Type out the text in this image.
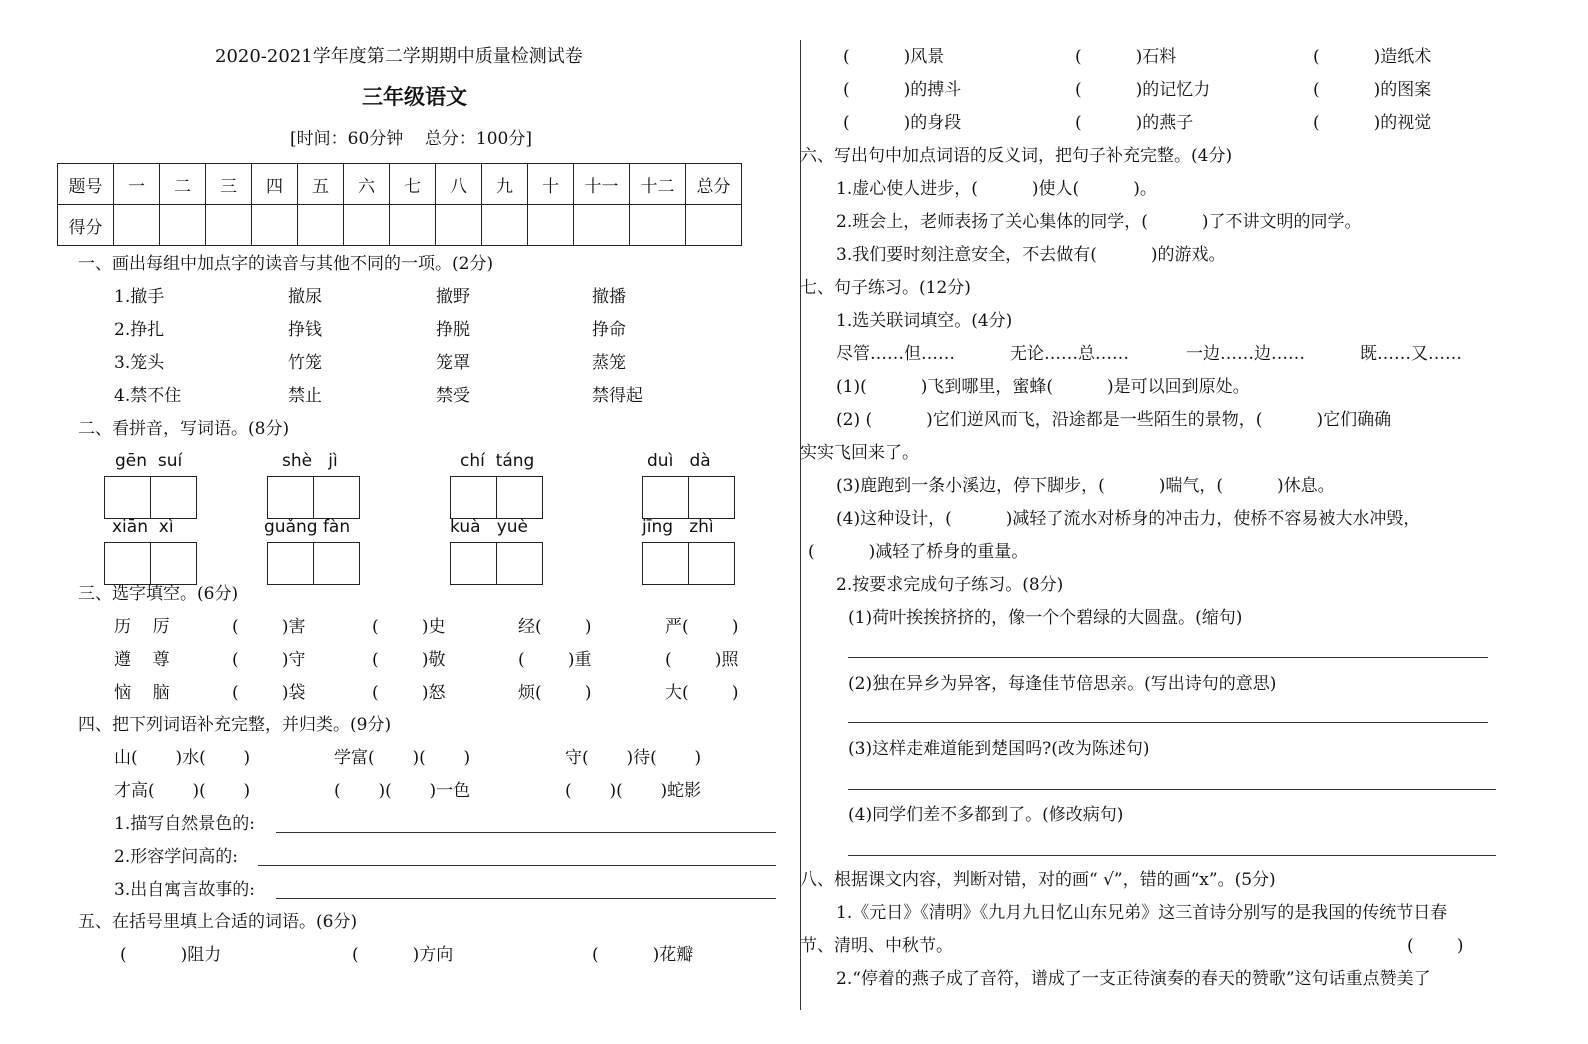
2020-2021学年度第二学期期中质量检测试卷
三年级语文
[时间：60分钟    总分：100分]
题号	一	二	三	四	五	六	七	八	九	十	十一	十二	总分
得分													
一、画出每组中加点字的读音与其他不同的一项。(2分)
1.撤手	撤尿	撤野	撤播
2.挣扎	挣钱	挣脱	挣命
3.笼头	竹笼	笼罩	蒸笼
4.禁不住	禁止	禁受	禁得起
二、看拼音，写词语。(8分)
gēn  suí	shè   jì	chí  táng	duì   dà
xiān  xì	guǎng fàn	kuà   yuè	jīng   zhì
三、选字填空。(6分)
历    厉	(        )害	(        )史	经(        )	严(        )
遵    尊	(        )守	(        )敬	(        )重	(        )照
恼    脑	(        )袋	(        )怒	烦(        )	大(        )
四、把下列词语补充完整，并归类。(9分)
山(       )水(       )	学富(       )(       )	守(       )待(       )
才高(       )(       )	(       )(       )一色	(       )(       )蛇影
1.描写自然景色的:
2.形容学问高的:
3.出自寓言故事的:
五、在括号里填上合适的词语。(6分)
(          )阻力	(          )方向	(          )花瓣
(          )风景	(          )石料	(          )造纸术
(          )的搏斗	(          )的记忆力	(          )的图案
(          )的身段	(          )的燕子	(          )的视觉
六、写出句中加点词语的反义词，把句子补充完整。(4分)
1.虚心使人进步，(          )使人(          )。
2.班会上，老师表扬了关心集体的同学，(          )了不讲文明的同学。
3.我们要时刻注意安全，不去做有(          )的游戏。
七、句子练习。(12分)
1.选关联词填空。(4分)
尽管……但……	无论……总……	一边……边……	既……又……
(1)(          )飞到哪里，蜜蜂(          )是可以回到原处。
(2) (          )它们逆风而飞，沿途都是一些陌生的景物，(          )它们确确
实实飞回来了。
(3)鹿跑到一条小溪边，停下脚步，(          )喘气，(          )休息。
(4)这种设计，(          )减轻了流水对桥身的冲击力，使桥不容易被大水冲毁，
(          )减轻了桥身的重量。
2.按要求完成句子练习。(8分)
(1)荷叶挨挨挤挤的，像一个个碧绿的大圆盘。(缩句)
(2)独在异乡为异客，每逢佳节倍思亲。(写出诗句的意思)
(3)这样走难道能到楚国吗?(改为陈述句)
(4)同学们差不多都到了。(修改病句)
八、根据课文内容，判断对错，对的画“ √”，错的画“x”。(5分)
1.《元日》《清明》《九月九日忆山东兄弟》这三首诗分别写的是我国的传统节日春
节、清明、中秋节。	(        )
2.“停着的燕子成了音符，谱成了一支正待演奏的春天的赞歌”这句话重点赞美了
